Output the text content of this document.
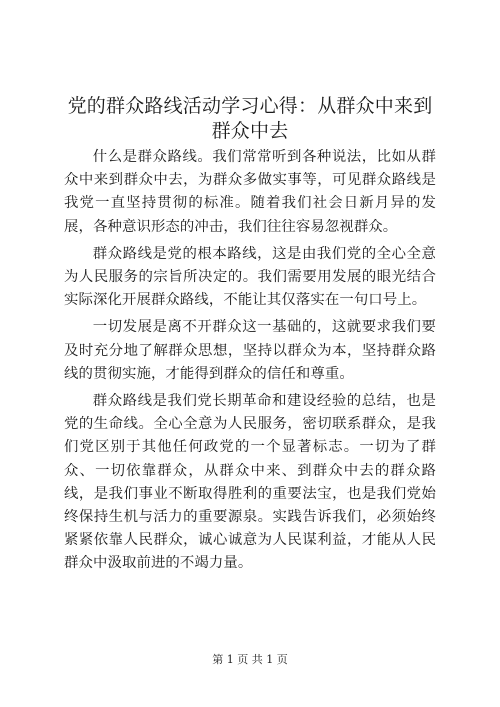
党的群众路线活动学习心得：从群众中来到群众中去

什么是群众路线。我们常常听到各种说法，比如从群众中来到群众中去，为群众多做实事等，可见群众路线是我党一直坚持贯彻的标准。随着我们社会日新月异的发展，各种意识形态的冲击，我们往往容易忽视群众。

群众路线是党的根本路线，这是由我们党的全心全意为人民服务的宗旨所决定的。我们需要用发展的眼光结合实际深化开展群众路线，不能让其仅落实在一句口号上。

一切发展是离不开群众这一基础的，这就要求我们要及时充分地了解群众思想，坚持以群众为本，坚持群众路线的贯彻实施，才能得到群众的信任和尊重。

群众路线是我们党长期革命和建设经验的总结，也是党的生命线。全心全意为人民服务，密切联系群众，是我们党区别于其他任何政党的一个显著标志。一切为了群众、一切依靠群众，从群众中来、到群众中去的群众路线，是我们事业不断取得胜利的重要法宝，也是我们党始终保持生机与活力的重要源泉。实践告诉我们，必须始终紧紧依靠人民群众，诚心诚意为人民谋利益，才能从人民群众中汲取前进的不竭力量。

第 1 页 共 1 页
